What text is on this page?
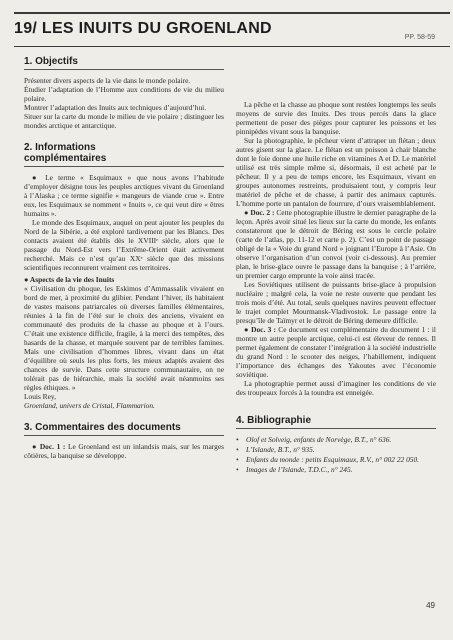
19/ LES INUITS DU GROENLAND
PP. 58-59
1. Objectifs

Présenter divers aspects de la vie dans le monde polaire.

Étudier l’adaptation de l’Homme aux conditions de vie du milieu polaire.

Montrer l’adaptation des Inuits aux techniques d’aujourd’hui.

Situer sur la carte du monde le milieu de vie polaire ; distinguer les mondes arctique et antarctique.

2. Informations
complémentaires

● Le terme « Esquimaux » que nous avons l’habitude d’employer désigne tous les peuples arctiques vivant du Groenland à l’Alaska ; ce terme signifie « mangeurs de viande crue ». Entre eux, les Esquimaux se nomment « Inuits », ce qui veut dire « êtres humains ».

Le monde des Esquimaux, auquel on peut ajouter les peuples du Nord de la Sibérie, a été exploré tardivement par les Blancs. Des contacts avaient été établis dès le XVIIIᵉ siècle, alors que le passage du Nord-Est vers l’Extrême-Orient était activement recherché. Mais ce n’est qu’au XXᵉ siècle que des missions scientifiques reconnurent vraiment ces territoires.

● Aspects de la vie des Inuits

« Civilisation du phoque, les Eskimos d’Ammassalik vivaient en bord de mer, à proximité du glibier. Pendant l’hiver, ils habitaient de vastes maisons patriarcales où diverses familles élémentaires, réunies à la fin de l’été sur le choix des anciens, vivaient en communauté des produits de la chasse au phoque et à l’ours. C’était une existence difficile, fragile, à la merci des tempêtes, des hasards de la chasse, et marquée souvent par de terribles famines. Mais une civilisation d’hommes libres, vivant dans un état d’équilibre où seuls les plus forts, les mieux adaptés avaient des chances de survie. Dans cette structure communautaire, on ne tolérait pas de hiérarchie, mais la société avait néanmoins ses règles éthiques. »

Louis Rey,

Groenland, univers de Cristal, Flammarion.

3. Commentaires des documents

● Doc. 1 : Le Groenland est un inlandsis mais, sur les marges côtières, la banquise se développe.

La pêche et la chasse au phoque sont restées longtemps les seuls moyens de survie des Inuits. Des trous percés dans la glace permettent de poser des pièges pour capturer les poissons et les pinnipèdes vivant sous la banquise.

Sur la photographie, le pêcheur vient d’attraper un flétan ; deux autres gisent sur la glace. Le flétan est un poisson à chair blanche dont le foie donne une huile riche en vitamines A et D. Le matériel utilisé est très simple même si, désormais, il est acheté par le pêcheur. Il y a peu de temps encore, les Esquimaux, vivant en groupes autonomes restreints, produisaient tout, y compris leur matériel de pêche et de chasse, à partir des animaux capturés. L’homme porte un pantalon de fourrure, d’ours vraisemblablement.

● Doc. 2 : Cette photographie illustre le dernier paragraphe de la leçon. Après avoir situé les lieux sur la carte du monde, les enfants constateront que le détroit de Béring est sous le cercle polaire (carte de l’atlas, pp. 11-12 et carte p. 2). C’est un point de passage obligé de la « Voie du grand Nord » joignant l’Europe à l’Asie. On observe l’organisation d’un convoi (voir ci-dessous). Au premier plan, le brise-glace ouvre le passage dans la banquise ; à l’arrière, un premier cargo emprunte la voie ainsi tracée.

Les Soviétiques utilisent de puissants brise-glace à propulsion nucléaire ; malgré cela, la voie ne reste ouverte que pendant les trois mois d’été. Au total, seuls quelques navires peuvent effectuer le trajet complet Mourmansk-Vladivostok. Le passage entre la presqu’île de Taïmyr et le détroit de Béring demeure difficile.

● Doc. 3 : Ce document est complémentaire du document 1 : il montre un autre peuple arctique, celui-ci est éleveur de rennes. Il permet également de constater l’intégration à la société industrielle du grand Nord : le scooter des neiges, l’habillement, indiquent l’importance des échanges des Yakoutes avec l’économie soviétique.

La photographie permet aussi d’imaginer les conditions de vie des troupeaux forcés à la toundra est enneigée.

4. Bibliographie
• Oïof et Solveig, enfants de Norvège, B.T., n° 636.
• L’Islande, B.T., n° 935.
• Enfants du monde : petits Esquimaux, R.V., n° 002 22 050.
• Images de l’Islande, T.D.C., n° 245.
49
